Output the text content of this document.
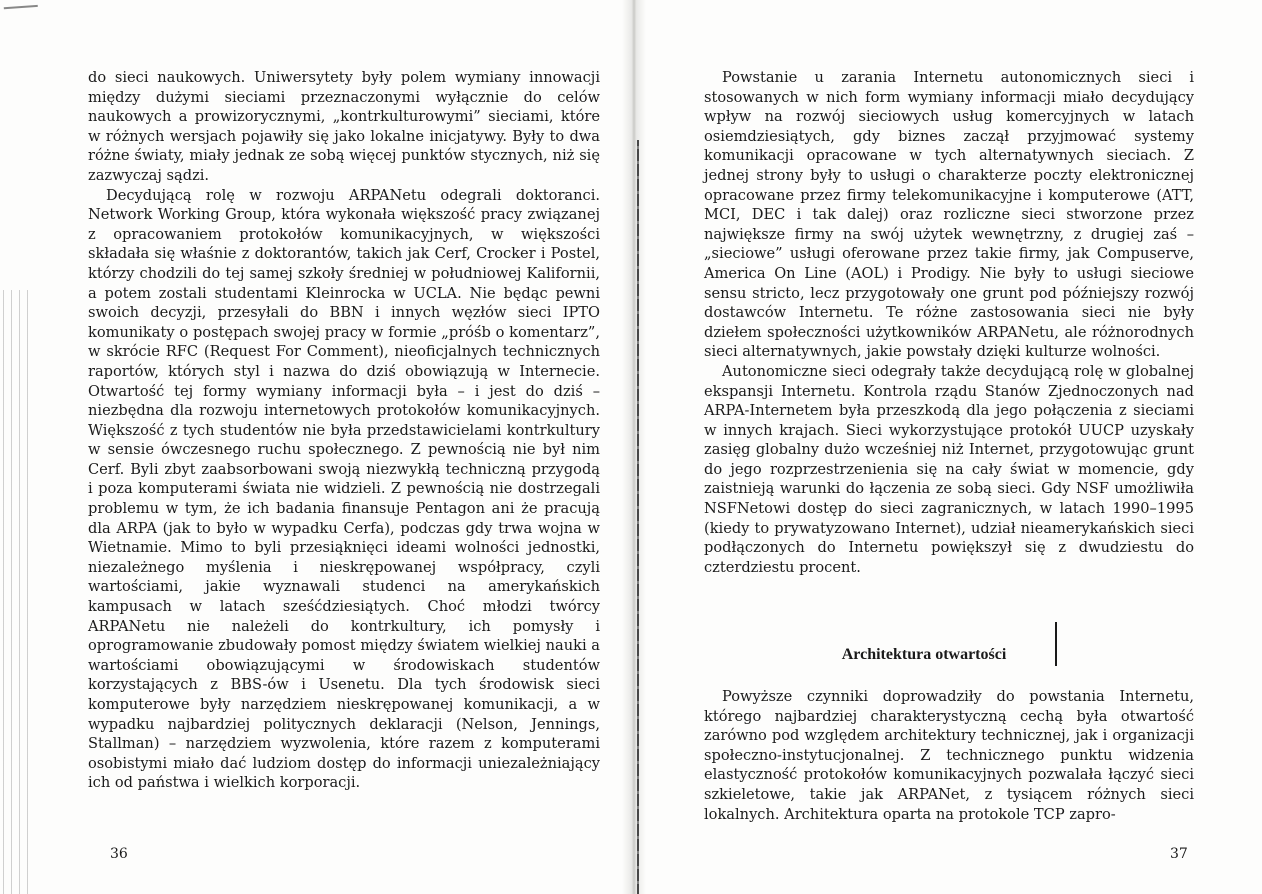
do sieci naukowych. Uniwersytety były polem wymiany innowacji między dużymi sieciami przeznaczonymi wyłącznie do celów naukowych a prowizorycznymi, „kontrkulturowymi” sieciami, które w różnych wersjach pojawiły się jako lokalne inicjatywy. Były to dwa różne światy, miały jednak ze sobą więcej punktów stycznych, niż się zazwyczaj sądzi.

Decydującą rolę w rozwoju ARPANetu odegrali doktoranci. Network Working Group, która wykonała większość pracy związanej z opracowaniem protokołów komunikacyjnych, w większości składała się właśnie z doktorantów, takich jak Cerf, Crocker i Postel, którzy chodzili do tej samej szkoły średniej w południowej Kalifornii, a potem zostali studentami Kleinrocka w UCLA. Nie będąc pewni swoich decyzji, przesyłali do BBN i innych węzłów sieci IPTO komunikaty o postępach swojej pracy w formie „próśb o komentarz”, w skrócie RFC (Request For Comment), nieoficjalnych technicznych raportów, których styl i nazwa do dziś obowiązują w Internecie. Otwartość tej formy wymiany informacji była – i jest do dziś – niezbędna dla rozwoju internetowych protokołów komunikacyjnych. Większość z tych studentów nie była przedstawicielami kontrkultury w sensie ówczesnego ruchu społecznego. Z pewnością nie był nim Cerf. Byli zbyt zaabsorbowani swoją niezwykłą techniczną przygodą i poza komputerami świata nie widzieli. Z pewnością nie dostrzegali problemu w tym, że ich badania finansuje Pentagon ani że pracują dla ARPA (jak to było w wypadku Cerfa), podczas gdy trwa wojna w Wietnamie. Mimo to byli przesiąknięci ideami wolności jednostki, niezależnego myślenia i nieskrępowanej współpracy, czyli wartościami, jakie wyznawali studenci na amerykańskich kampusach w latach sześćdziesiątych. Choć młodzi twórcy ARPANetu nie należeli do kontrkultury, ich pomysły i oprogramowanie zbudowały pomost między światem wielkiej nauki a wartościami obowiązującymi w środowiskach studentów korzystających z BBS-ów i Usenetu. Dla tych środowisk sieci komputerowe były narzędziem nieskrępowanej komunikacji, a w wypadku najbardziej politycznych deklaracji (Nelson, Jennings, Stallman) – narzędziem wyzwolenia, które razem z komputerami osobistymi miało dać ludziom dostęp do informacji uniezależniający ich od państwa i wielkich korporacji.

Powstanie u zarania Internetu autonomicznych sieci i stosowanych w nich form wymiany informacji miało decydujący wpływ na rozwój sieciowych usług komercyjnych w latach osiemdziesiątych, gdy biznes zaczął przyjmować systemy komunikacji opracowane w tych alternatywnych sieciach. Z jednej strony były to usługi o charakterze poczty elektronicznej opracowane przez firmy telekomunikacyjne i komputerowe (ATT, MCI, DEC i tak dalej) oraz rozliczne sieci stworzone przez największe firmy na swój użytek wewnętrzny, z drugiej zaś – „sieciowe” usługi oferowane przez takie firmy, jak Compuserve, America On Line (AOL) i Prodigy. Nie były to usługi sieciowe sensu stricto, lecz przygotowały one grunt pod późniejszy rozwój dostawców Internetu. Te różne zastosowania sieci nie były dziełem społeczności użytkowników ARPANetu, ale różnorodnych sieci alternatywnych, jakie powstały dzięki kulturze wolności.

Autonomiczne sieci odegrały także decydującą rolę w globalnej ekspansji Internetu. Kontrola rządu Stanów Zjednoczonych nad ARPA-Internetem była przeszkodą dla jego połączenia z sieciami w innych krajach. Sieci wykorzystujące protokół UUCP uzyskały zasięg globalny dużo wcześniej niż Internet, przygotowując grunt do jego rozprzestrzenienia się na cały świat w momencie, gdy zaistnieją warunki do łączenia ze sobą sieci. Gdy NSF umożliwiła NSFNetowi dostęp do sieci zagranicznych, w latach 1990–1995 (kiedy to prywatyzowano Internet), udział nieamerykańskich sieci podłączonych do Internetu powiększył się z dwudziestu do czterdziestu procent.

Architektura otwartości

Powyższe czynniki doprowadziły do powstania Internetu, którego najbardziej charakterystyczną cechą była otwartość zarówno pod względem architektury technicznej, jak i organizacji społeczno-instytucjonalnej. Z technicznego punktu widzenia elastyczność protokołów komunikacyjnych pozwalała łączyć sieci szkieletowe, takie jak ARPANet, z tysiącem różnych sieci lokalnych. Architektura oparta na protokole TCP zapro-

36	37
